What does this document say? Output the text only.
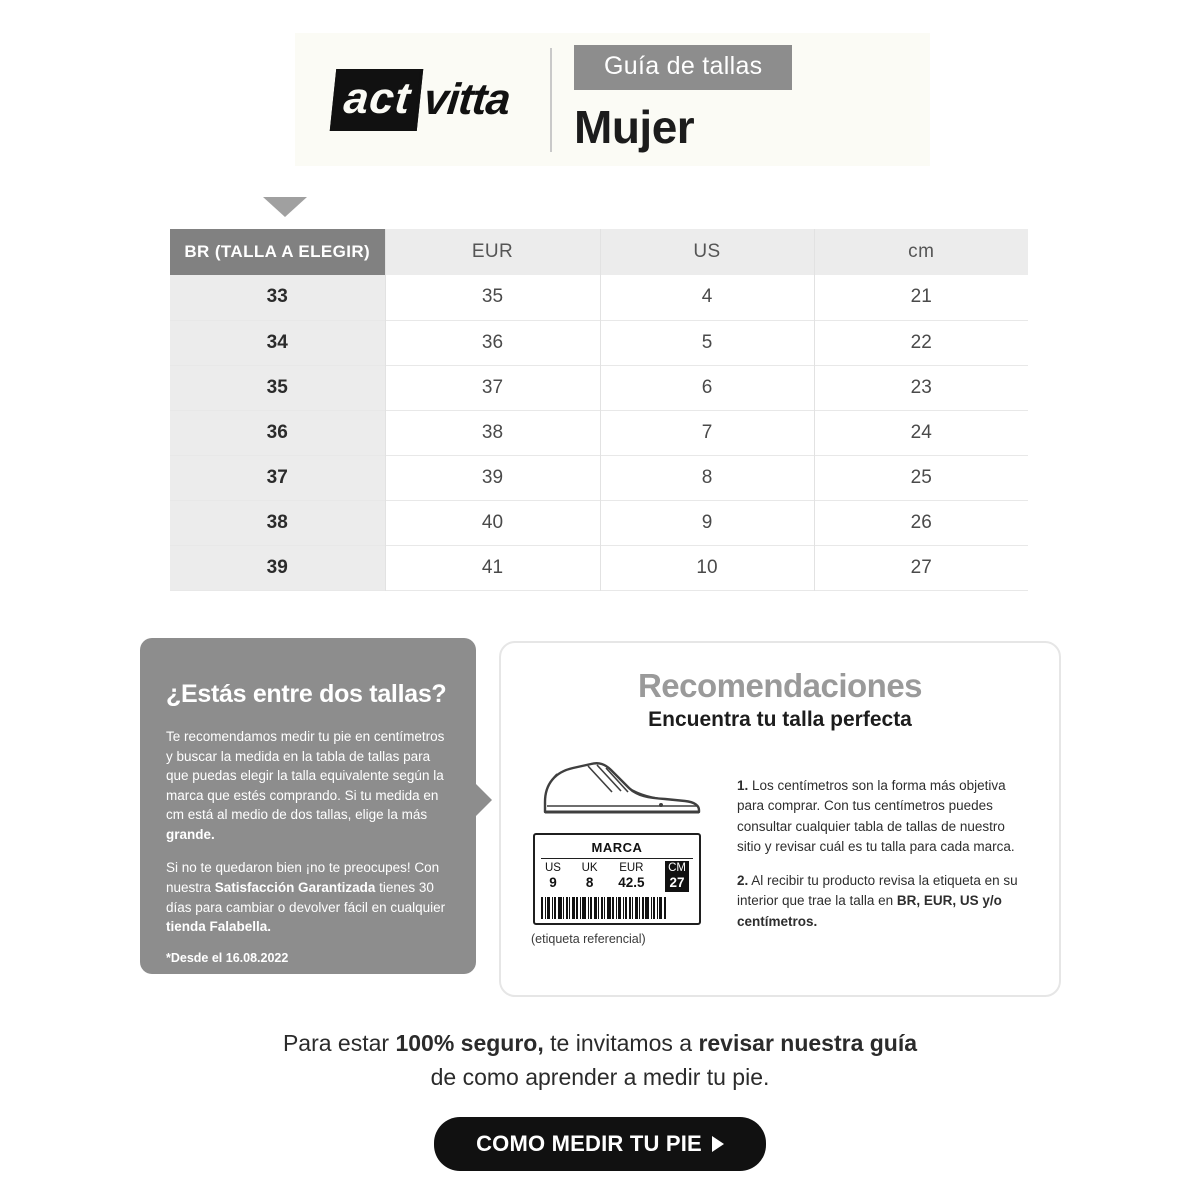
act vitta
Guía de tallas
Mujer
BR (TALLA A ELEGIR)	EUR	US	cm
33	35	4	21
34	36	5	22
35	37	6	23
36	38	7	24
37	39	8	25
38	40	9	26
39	41	10	27
¿Estás entre dos tallas?

Te recomendamos medir tu pie en centímetros y buscar la medida en la tabla de tallas para que puedas elegir la talla equivalente según la marca que estés comprando. Si tu medida en cm está al medio de dos tallas, elige la más grande.

Si no te quedaron bien ¡no te preocupes! Con nuestra Satisfacción Garantizada tienes 30 días para cambiar o devolver fácil en cualquier tienda Falabella.

*Desde el 16.08.2022
Recomendaciones
Encuentra tu talla perfecta
MARCA
US
9
UK
8
EUR
42.5
CM
27
(etiqueta referencial)

1. Los centímetros son la forma más objetiva para comprar. Con tus centímetros puedes consultar cualquier tabla de tallas de nuestro sitio y revisar cuál es tu talla para cada marca.

2. Al recibir tu producto revisa la etiqueta en su interior que trae la talla en BR, EUR, US y/o centímetros.

Para estar 100% seguro, te invitamos a revisar nuestra guía
de como aprender a medir tu pie.
COMO MEDIR TU PIE
